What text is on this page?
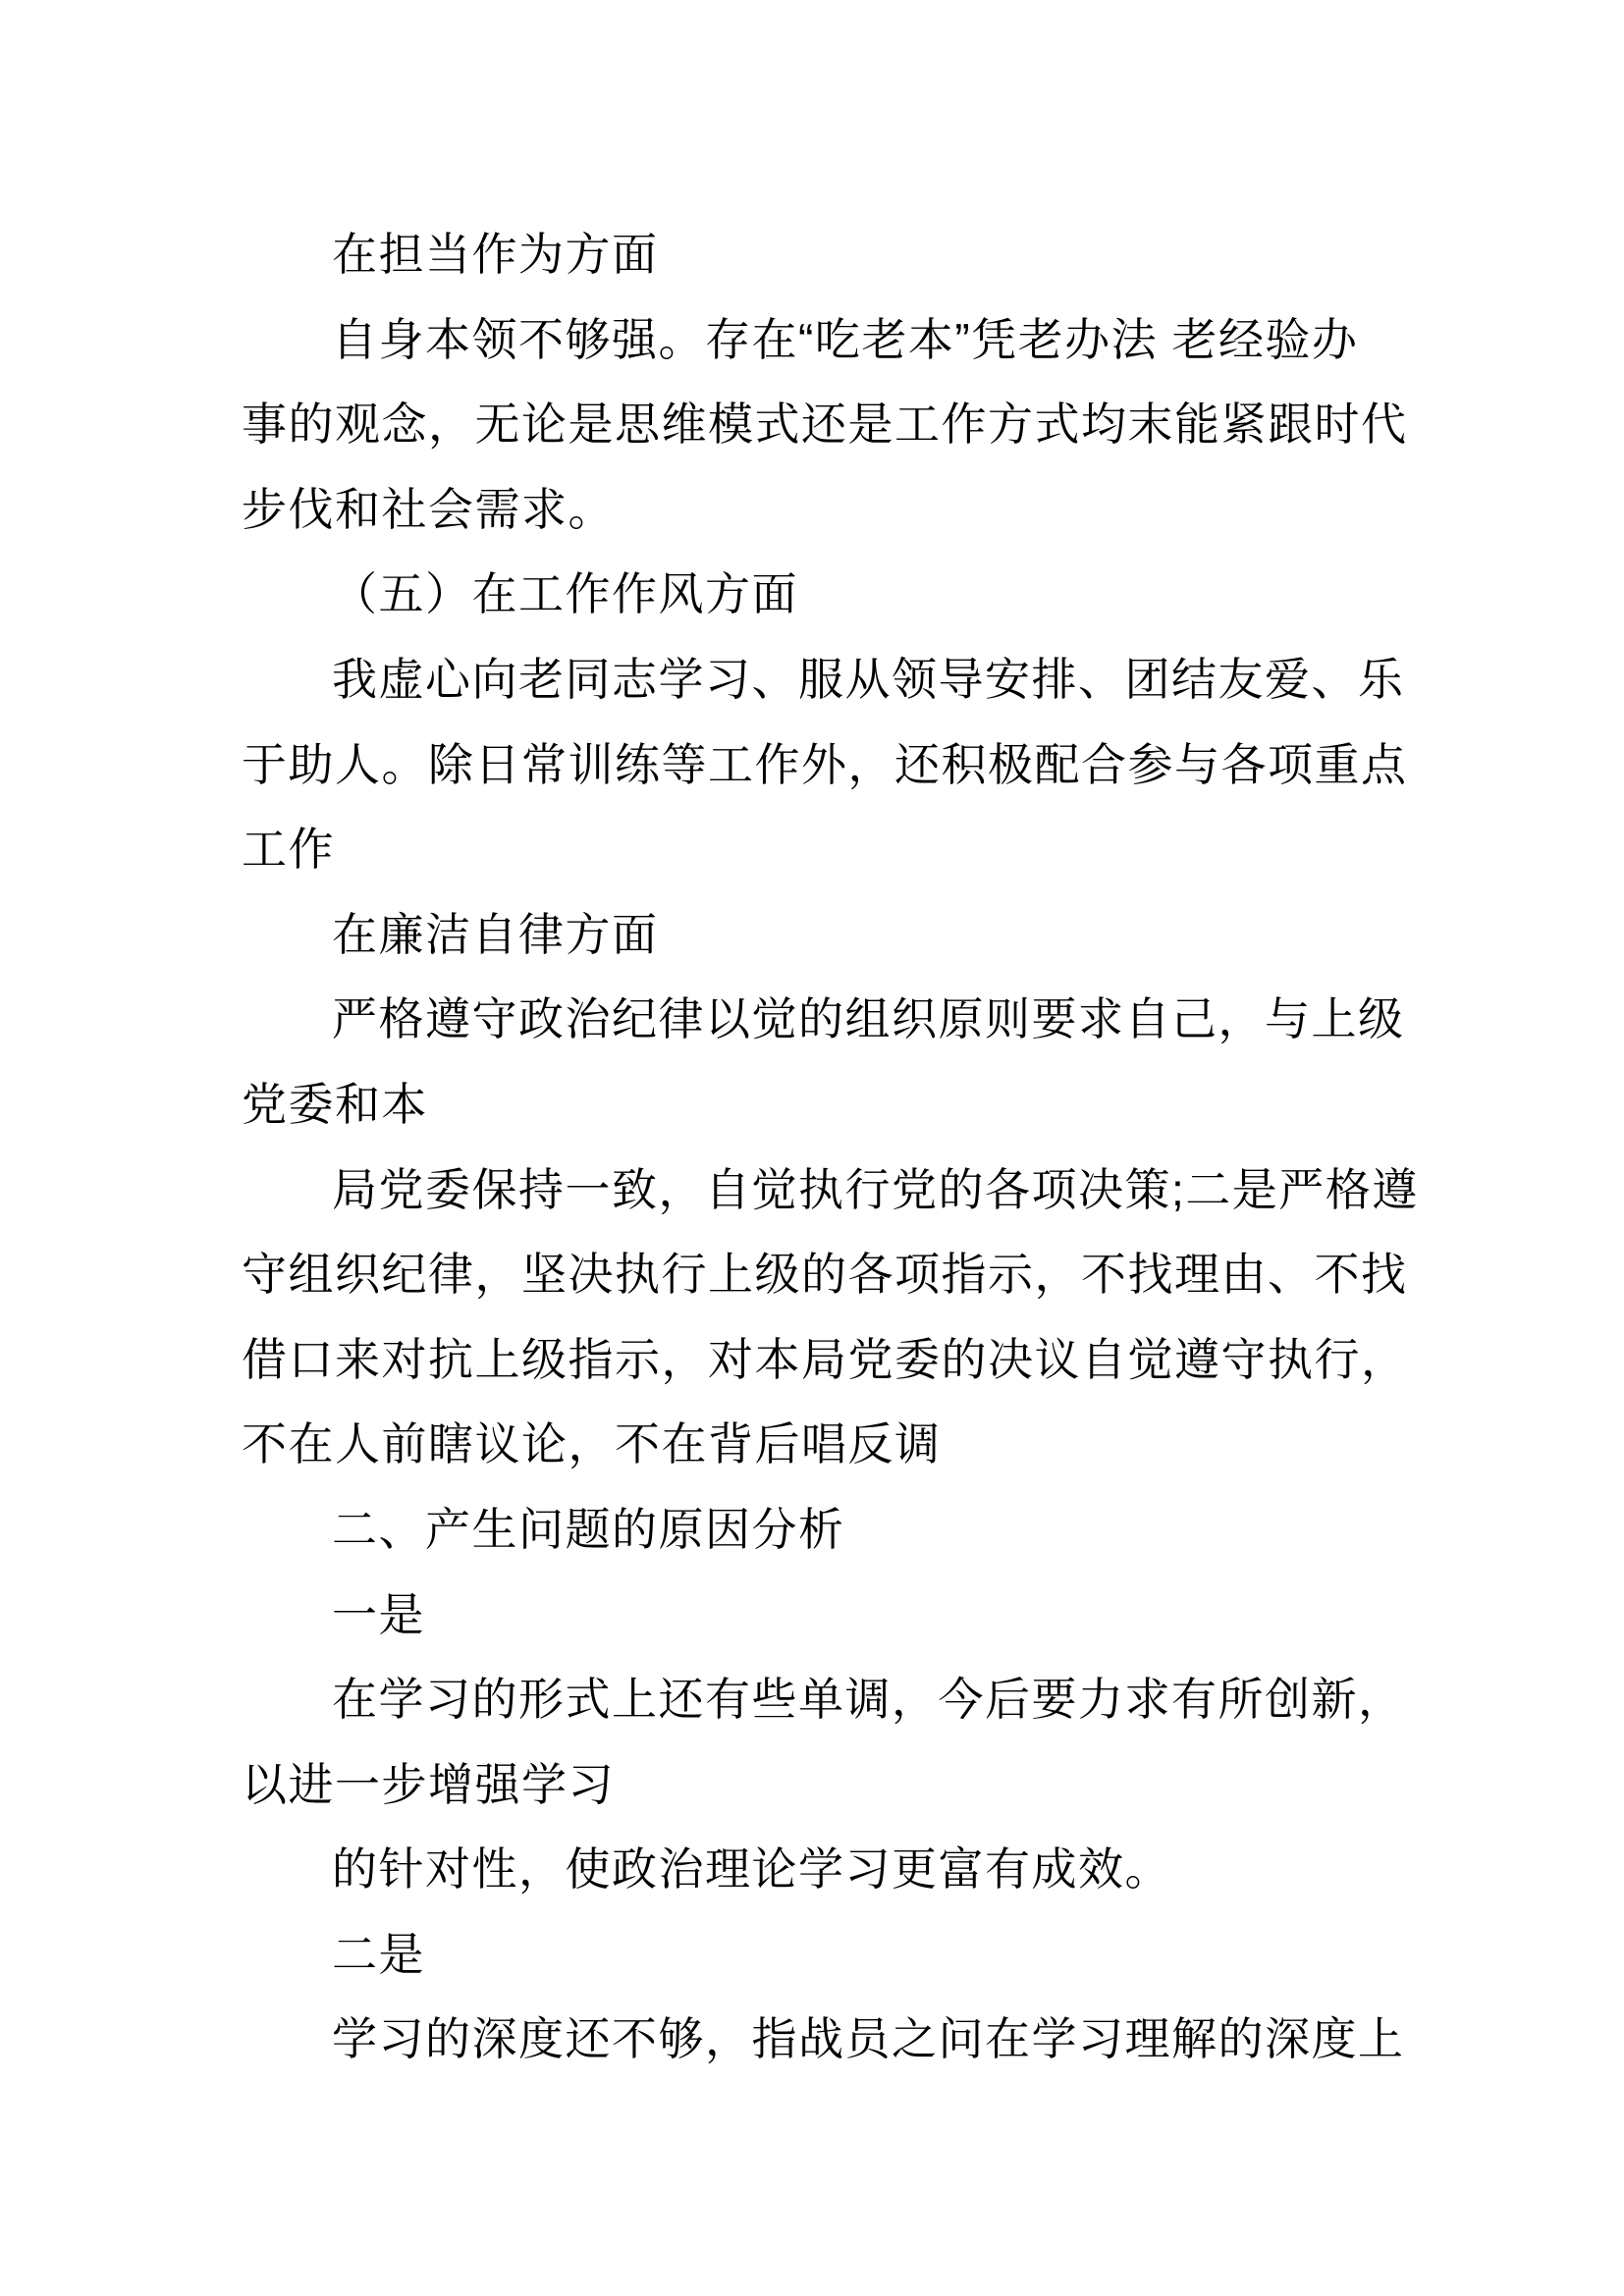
在担当作为方面
自身本领不够强。存在“吃老本”凭老办法 老经验办
事的观念，无论是思维模式还是工作方式均末能紧跟时代
步伐和社会需求。
（五）在工作作风方面
我虚心向老同志学习、服从领导安排、团结友爱、乐
于助人。除日常训练等工作外，还积极配合参与各项重点
工作
在廉洁自律方面
严格遵守政治纪律以觉的组织原则要求自己，与上级
党委和本
局党委保持一致，自觉执行党的各项决策;二是严格遵
守组织纪律，坚决执行上级的各项指示，不找理由、不找
借口来对抗上级指示，对本局党委的决议自觉遵守执行，
不在人前瞎议论，不在背后唱反调
二、产生问题的原因分析
一是
在学习的形式上还有些单调，今后要力求有所创新，
以进一步增强学习
的针对性，使政治理论学习更富有成效。
二是
学习的深度还不够，指战员之问在学习理解的深度上
